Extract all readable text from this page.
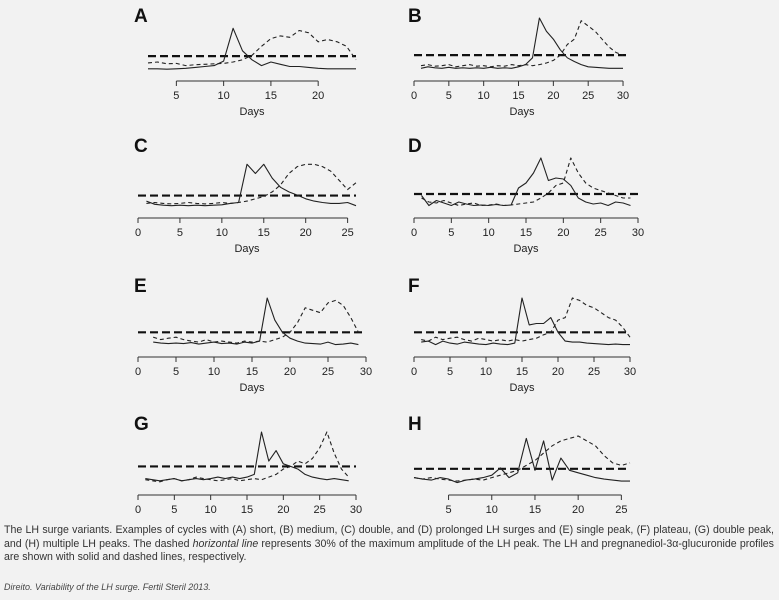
A
5	10	15	20
Days
B
0	5 10 15 20 25 30
Days
C
0	5	10	15	20	25
Days
D
0	5	10 15 20 25 30
Days
E
0	5	10 15 20 25 30
Days
F
0	5 10 15 20 25 30
Days
G
0	5 10 15 20 25 30
H
5	10	15	20	25
The LH surge variants. Examples of cycles with (A) short, (B) medium, (C) double, and (D) prolonged LH surges and (E) single peak, (F) plateau, (G) double peak, and (H) multiple LH peaks. The dashed horizontal line represents 30% of the maximum amplitude of the LH peak. The LH and pregnanediol-3α-glucuronide profiles are shown with solid and dashed lines, respectively.
Direito. Variability of the LH surge. Fertil Steril 2013.
